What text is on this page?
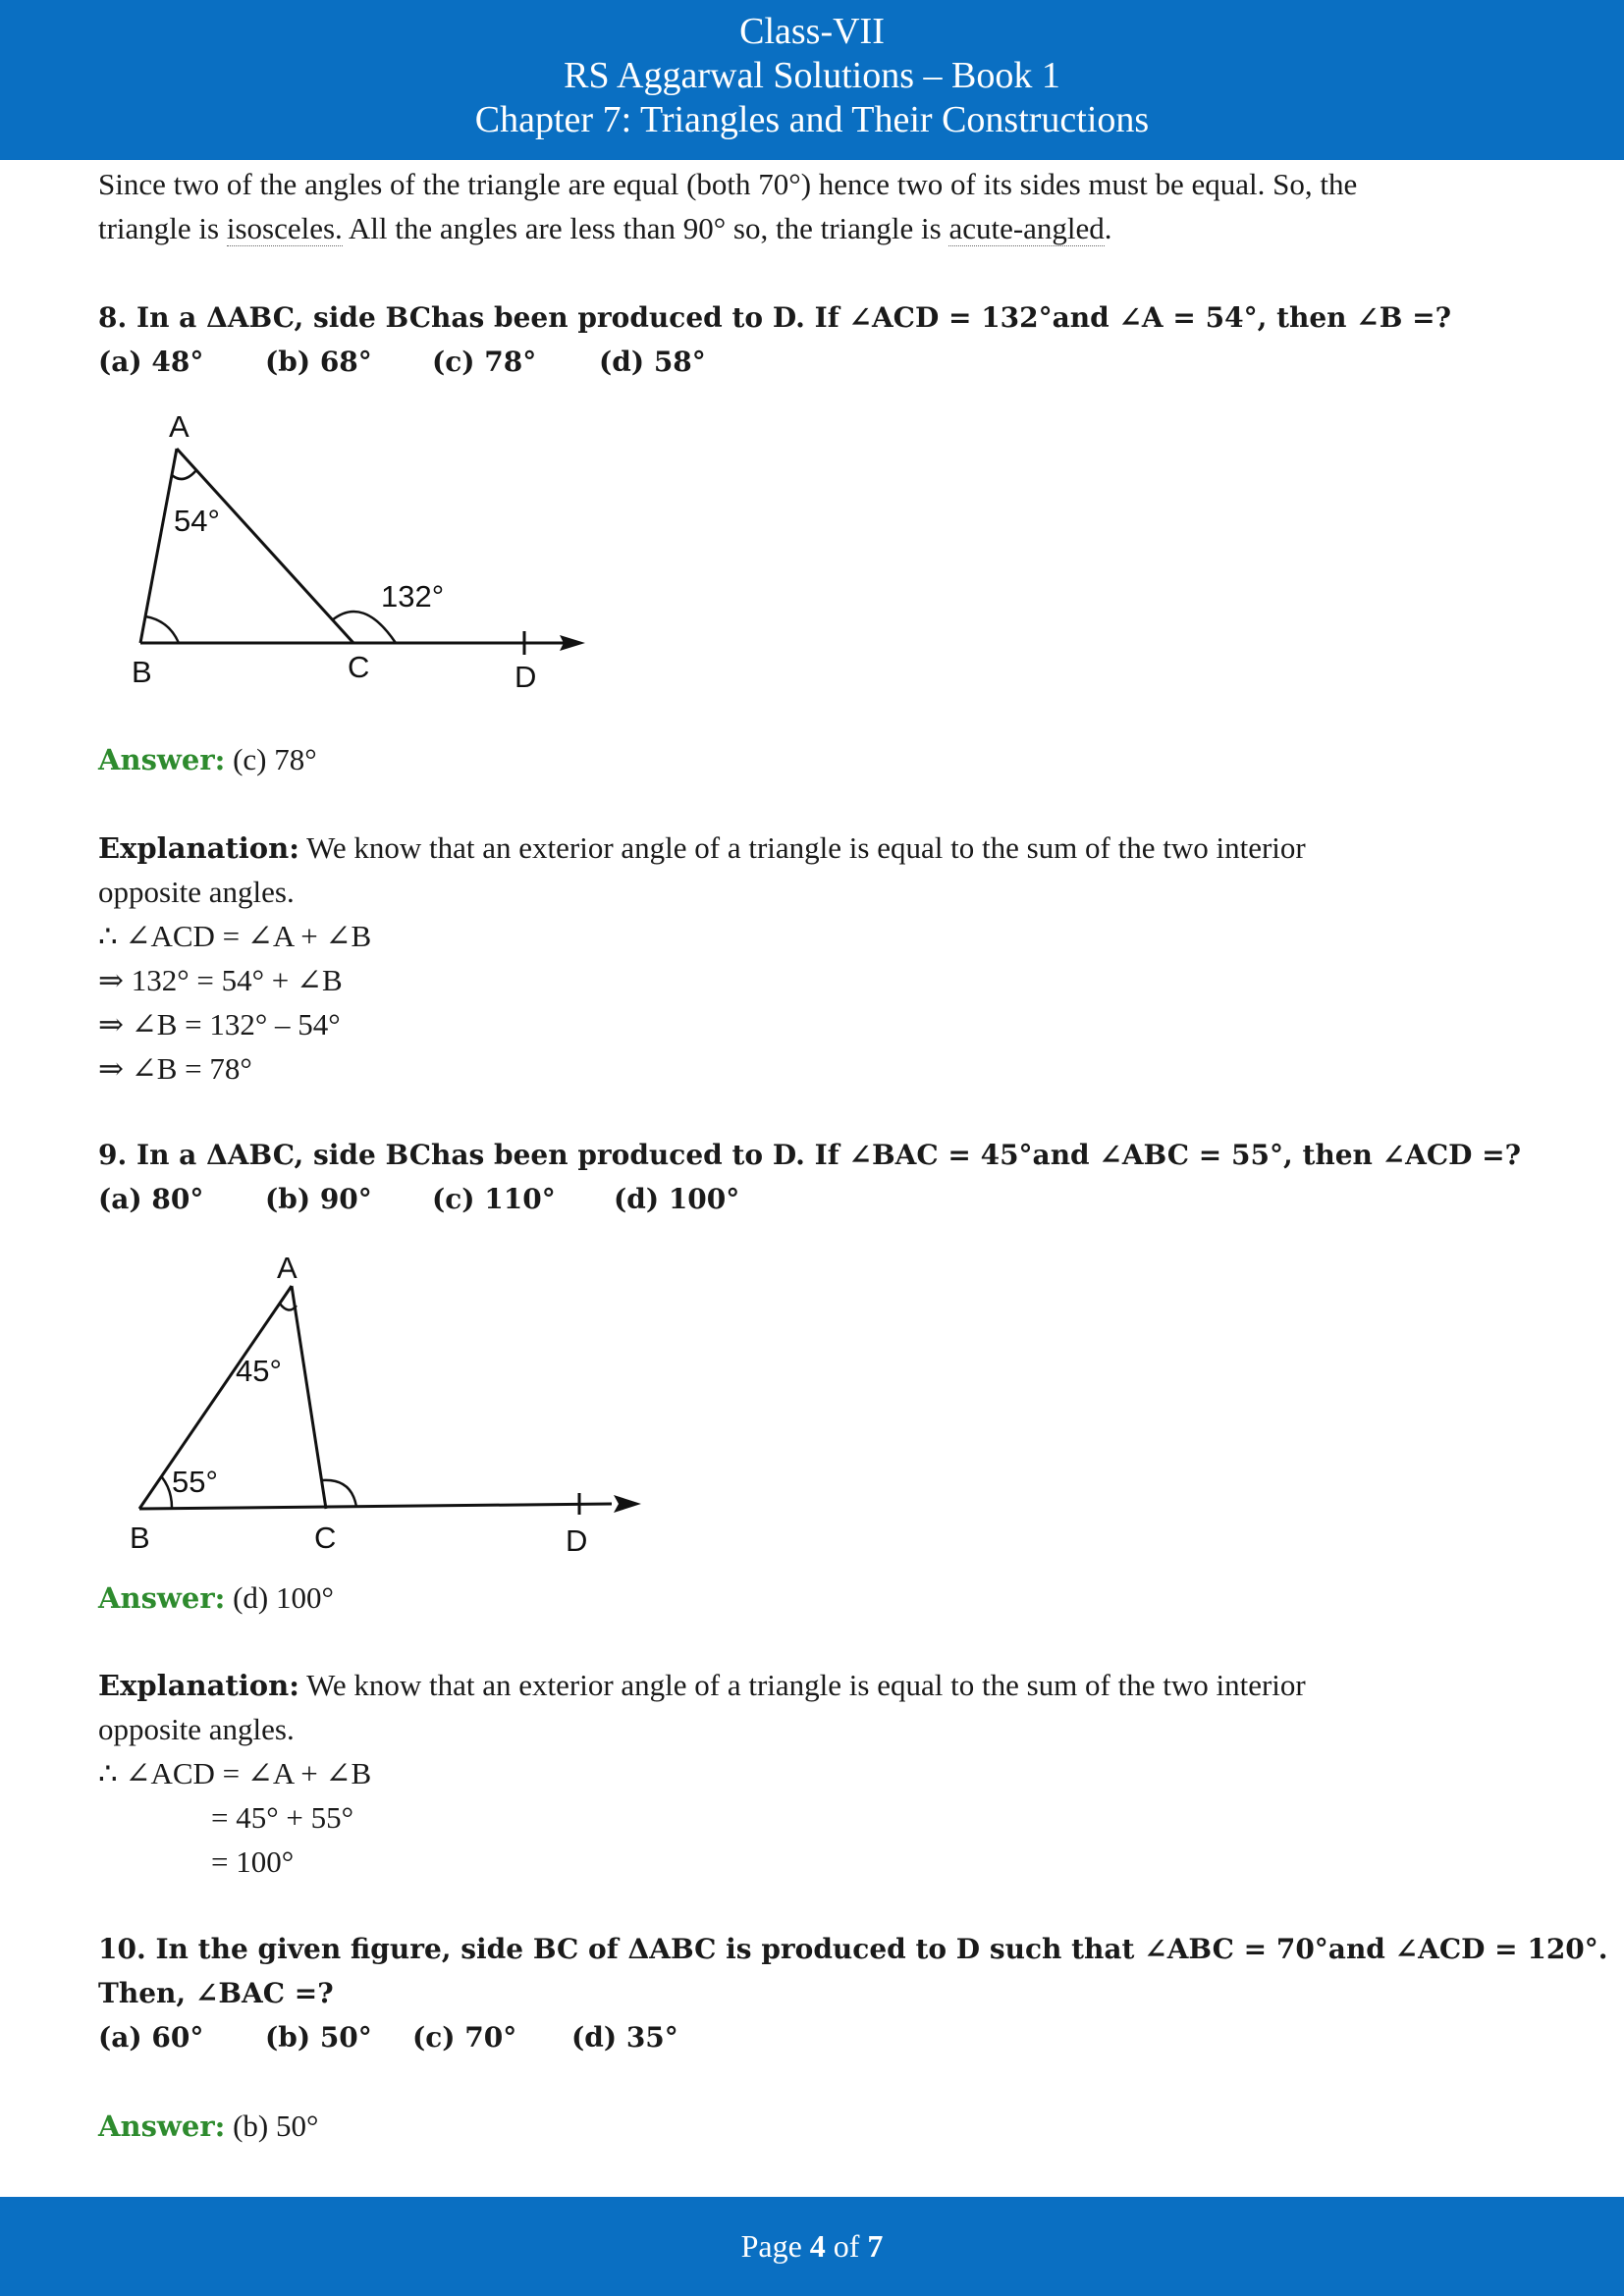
Class-VII
RS Aggarwal Solutions – Book 1
Chapter 7: Triangles and Their Constructions
Since two of the angles of the triangle are equal (both 70°) hence two of its sides must be equal. So, the
triangle is isosceles. All the angles are less than 90° so, the triangle is acute-angled.
8. In a ΔABC, side BChas been produced to D. If ∠ACD = 132°and ∠A = 54°, then ∠B =?
(a) 48° (b) 68° (c) 78° (d) 58°
A
B	C	D
54°
132°
Answer: (c) 78°
Explanation: We know that an exterior angle of a triangle is equal to the sum of the two interior
opposite angles.
∴ ∠ACD = ∠A + ∠B
⇒ 132° = 54° + ∠B
⇒ ∠B = 132° – 54°
⇒ ∠B = 78°
9. In a ΔABC, side BChas been produced to D. If ∠BAC = 45°and ∠ABC = 55°, then ∠ACD =?
(a) 80° (b) 90° (c) 110° (d) 100°
A
B	C	D
45°
55°
Answer: (d) 100°
Explanation: We know that an exterior angle of a triangle is equal to the sum of the two interior
opposite angles.
∴ ∠ACD = ∠A + ∠B
= 45° + 55°
= 100°
10. In the given figure, side BC of ΔABC is produced to D such that ∠ABC = 70°and ∠ACD = 120°.
Then, ∠BAC =?
(a) 60° (b) 50° (c) 70° (d) 35°
Answer: (b) 50°
Page 4 of 7
